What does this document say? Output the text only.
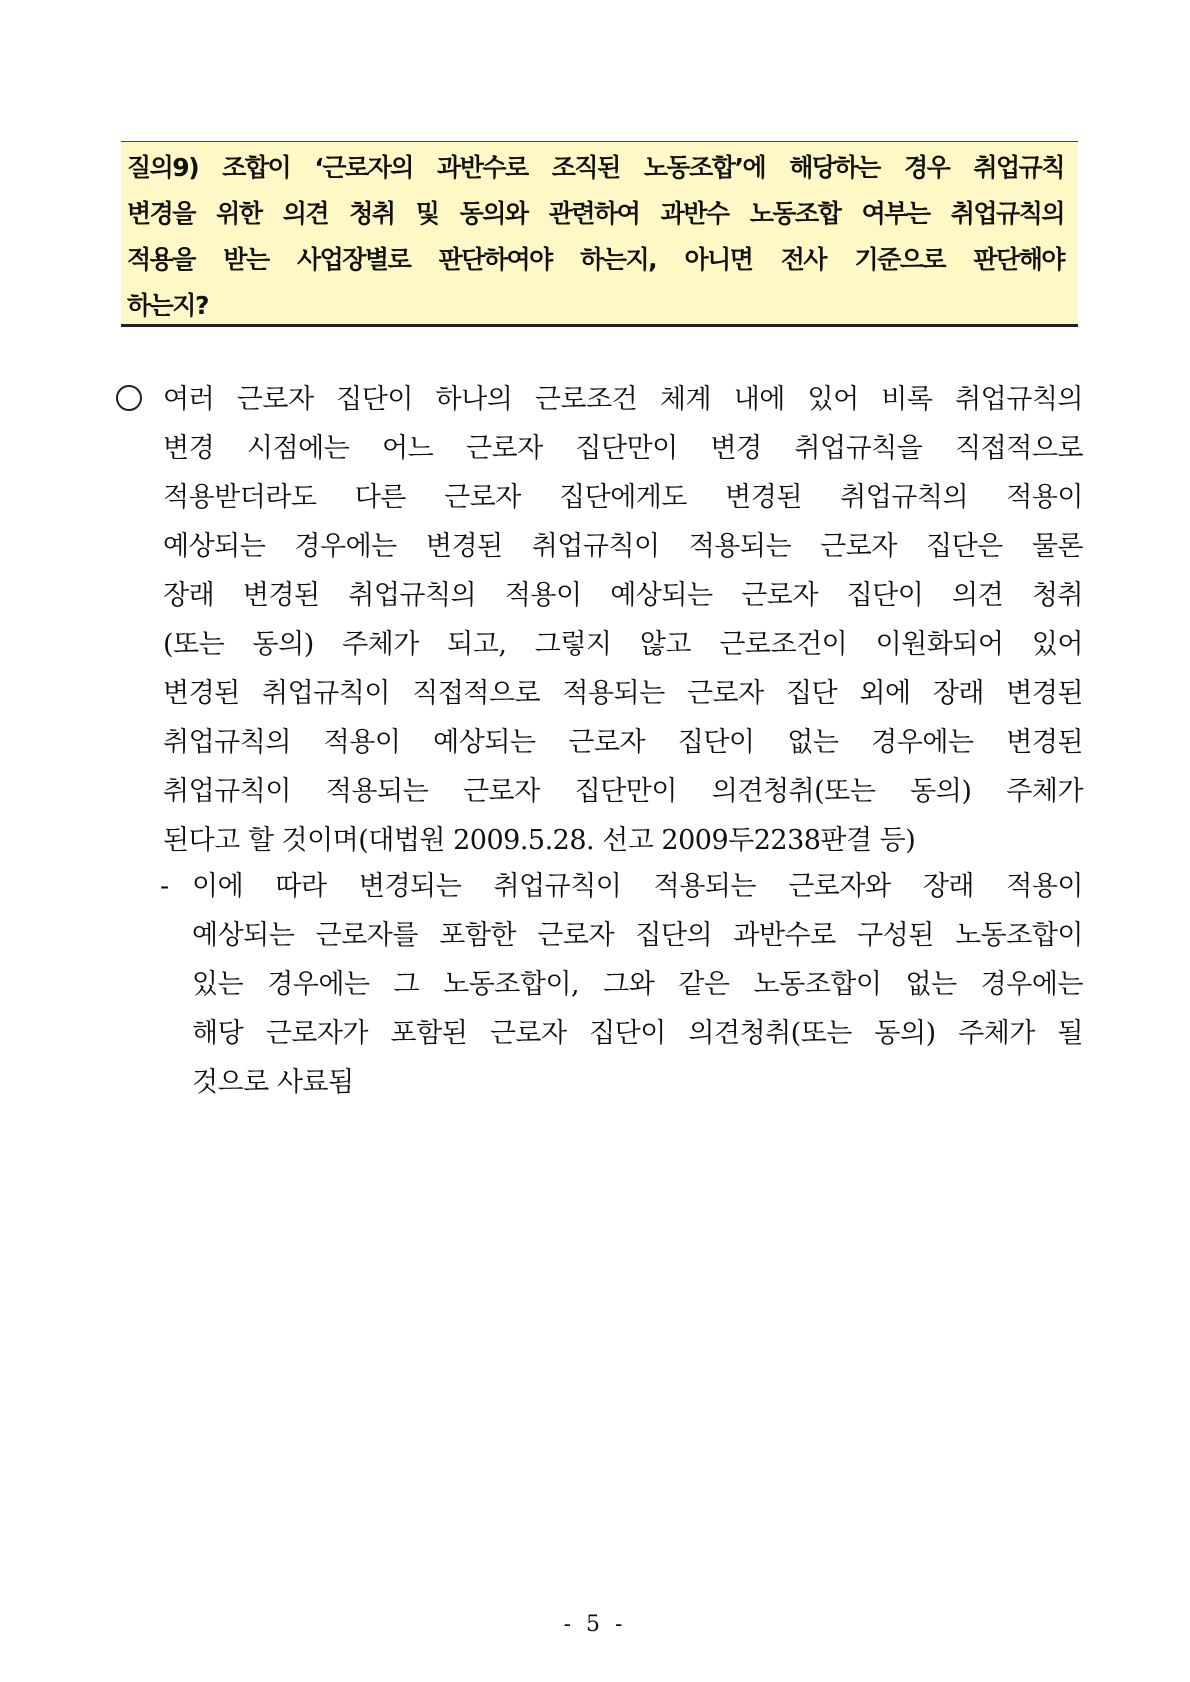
질의9) 조합이 ‘근로자의 과반수로 조직된 노동조합’에 해당하는 경우 취업규칙
변경을 위한 의견 청취 및 동의와 관련하여 과반수 노동조합 여부는 취업규칙의
적용을 받는 사업장별로 판단하여야 하는지, 아니면 전사 기준으로 판단해야
하는지?
여러 근로자 집단이 하나의 근로조건 체계 내에 있어 비록 취업규칙의
변경 시점에는 어느 근로자 집단만이 변경 취업규칙을 직접적으로
적용받더라도 다른 근로자 집단에게도 변경된 취업규칙의 적용이
예상되는 경우에는 변경된 취업규칙이 적용되는 근로자 집단은 물론
장래 변경된 취업규칙의 적용이 예상되는 근로자 집단이 의견 청취
(또는 동의) 주체가 되고, 그렇지 않고 근로조건이 이원화되어 있어
변경된 취업규칙이 직접적으로 적용되는 근로자 집단 외에 장래 변경된
취업규칙의 적용이 예상되는 근로자 집단이 없는 경우에는 변경된
취업규칙이 적용되는 근로자 집단만이 의견청취(또는 동의) 주체가
된다고 할 것이며(대법원 2009.5.28. 선고 2009두2238판결 등)
- 이에 따라 변경되는 취업규칙이 적용되는 근로자와 장래 적용이
예상되는 근로자를 포함한 근로자 집단의 과반수로 구성된 노동조합이
있는 경우에는 그 노동조합이, 그와 같은 노동조합이 없는 경우에는
해당 근로자가 포함된 근로자 집단이 의견청취(또는 동의) 주체가 될
것으로 사료됨
- 5 -
